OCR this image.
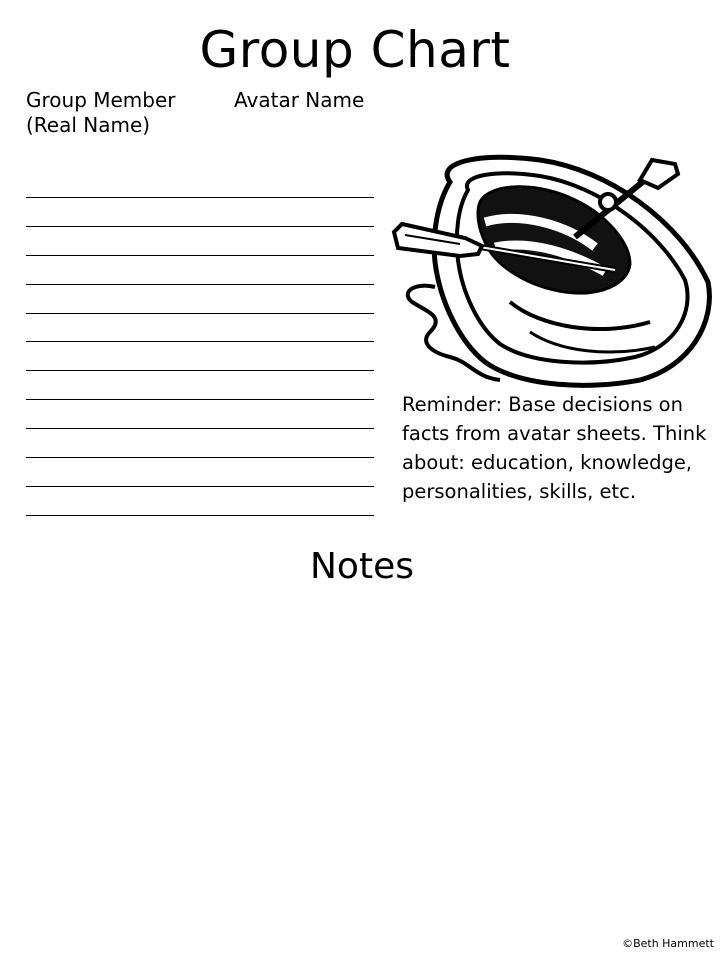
Group Chart
Group Member (Real Name)
Avatar Name
Reminder: Base decisions on facts from avatar sheets. Think about: education, knowledge, personalities, skills, etc.
Notes
©Beth Hammett
